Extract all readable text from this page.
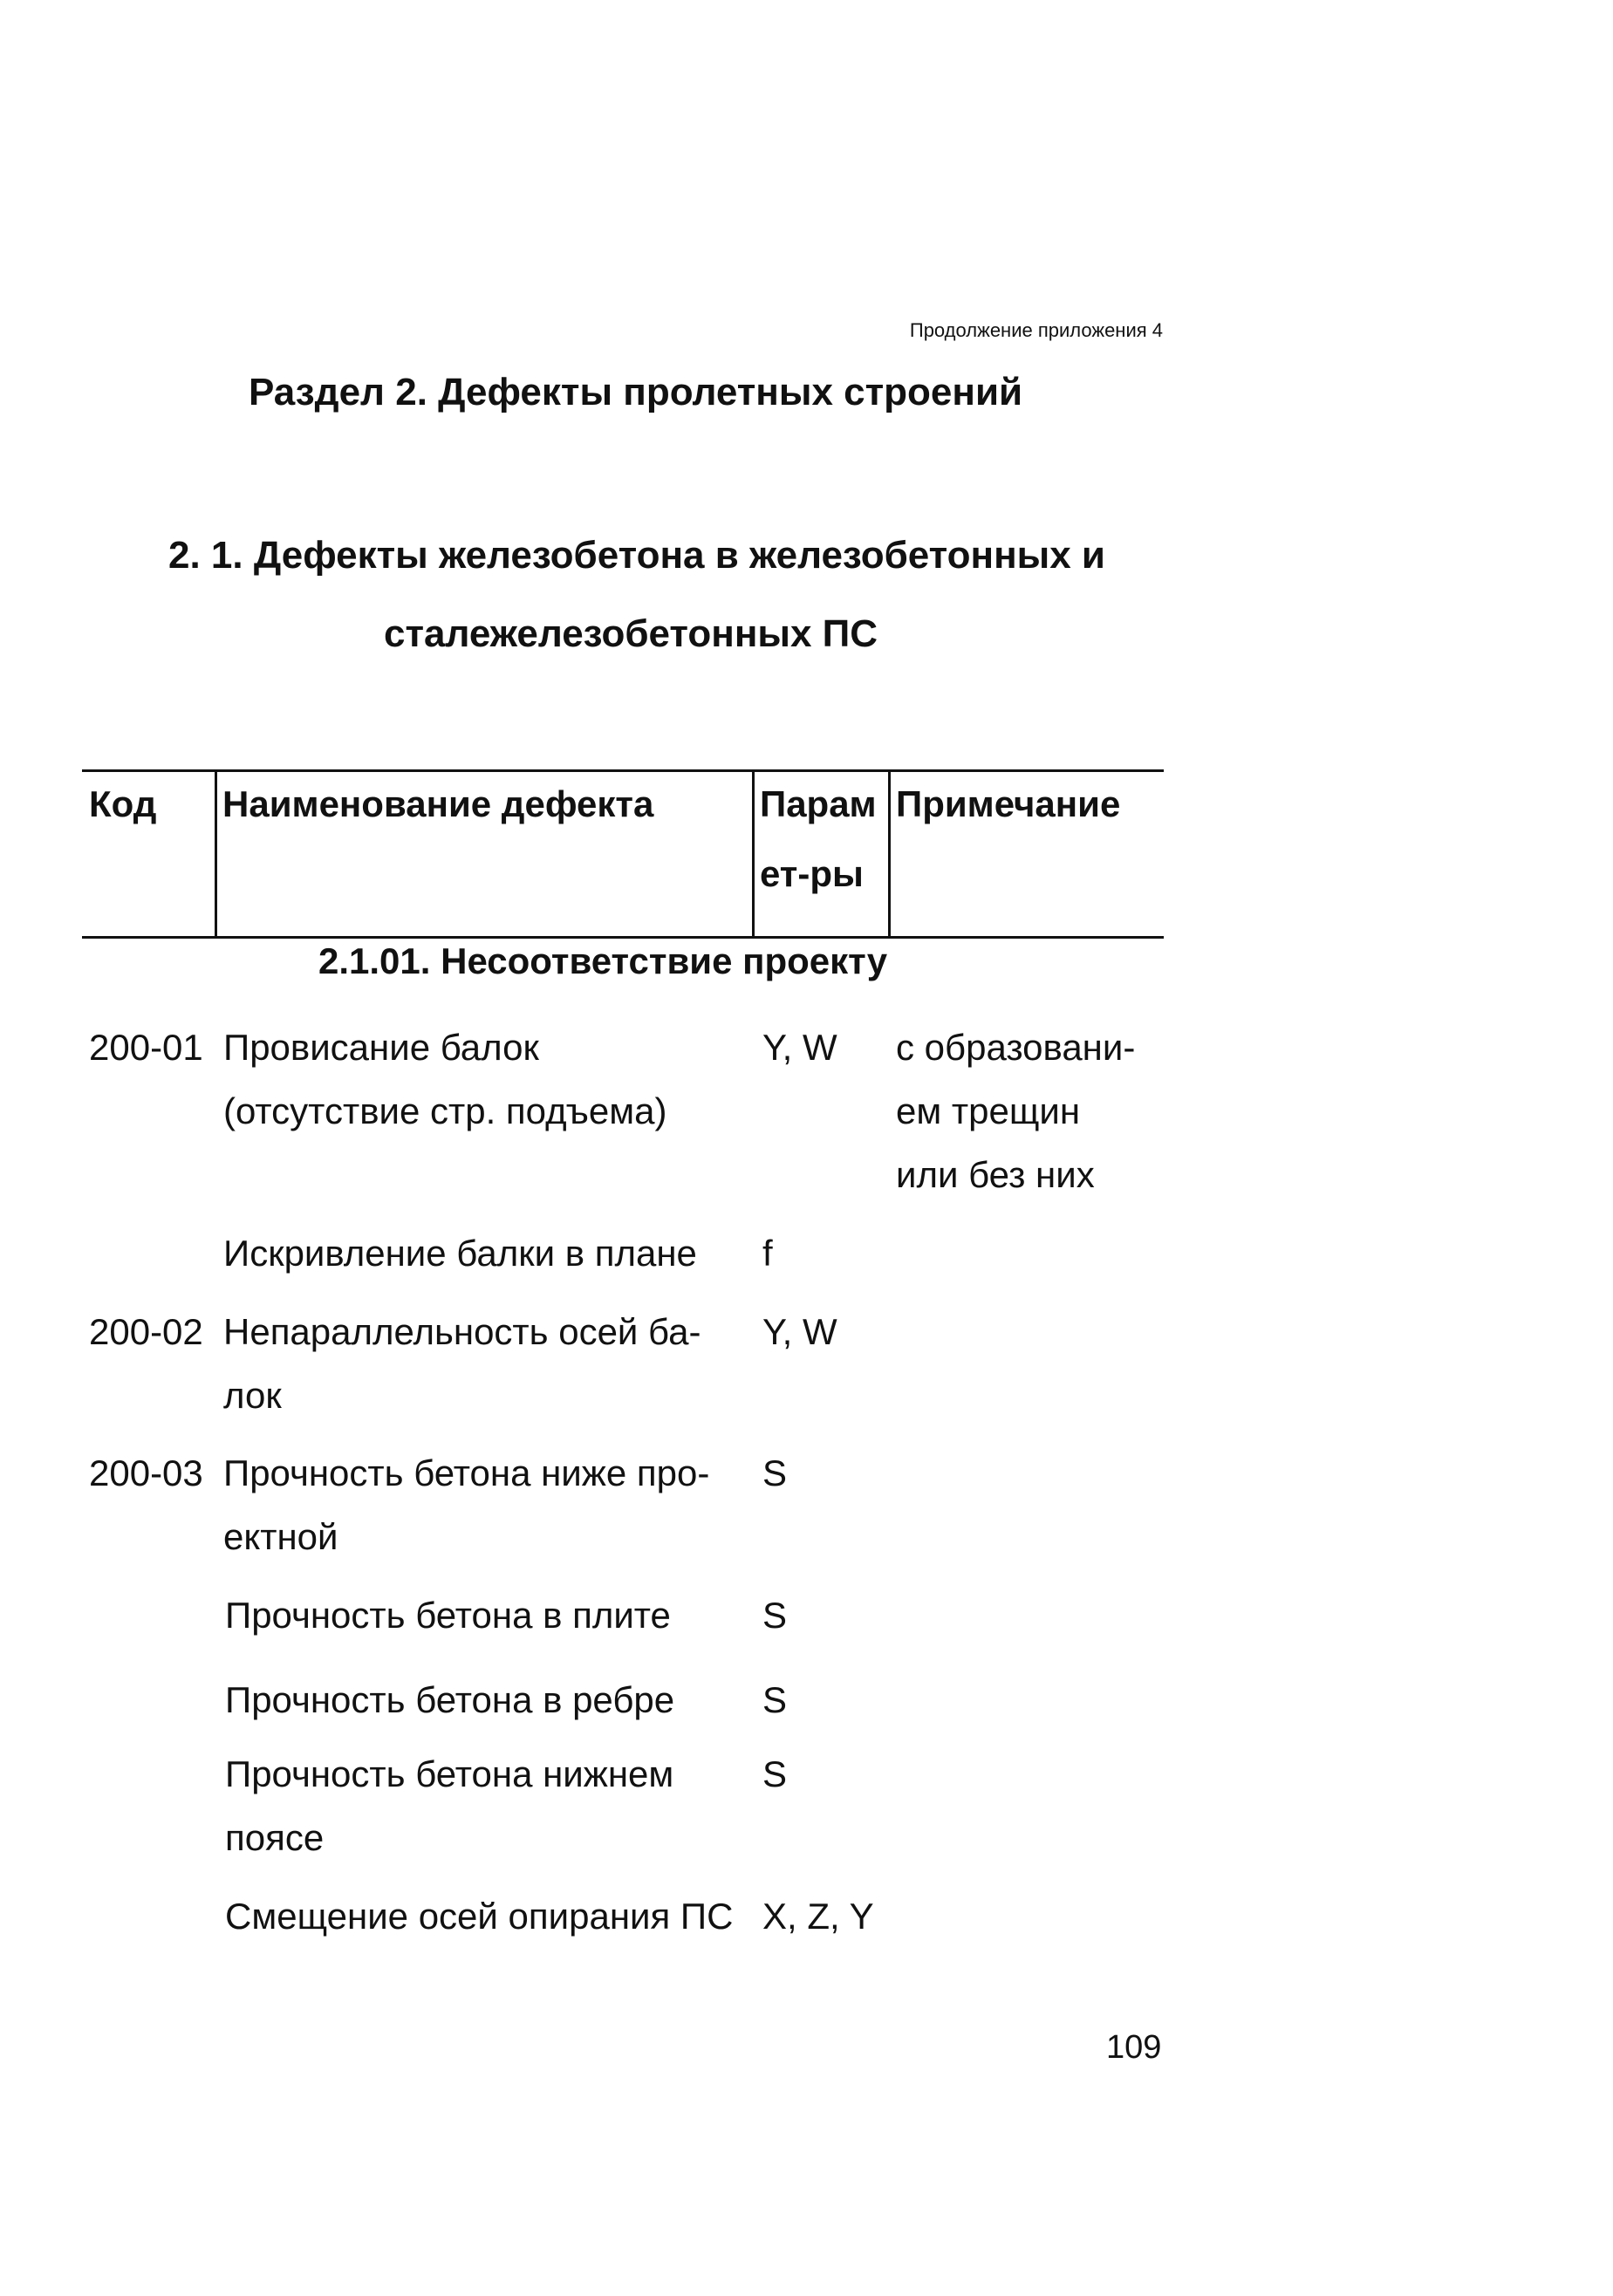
Продолжение приложения 4
Раздел 2. Дефекты пролетных строений
2. 1. Дефекты железобетона в железобетонных и
сталежелезобетонных ПС
Код Наименование дефекта	Парам
ет-ры
Примечание
2.1.01. Несоответствие проекту
200-01 Провисание балок
(отсутствие стр. подъема)
Y, W с образовани-
ем трещин
или без них
Искривление балки в плане f
200-02 Непараллельность осей ба-
лок
Y, W
200-03 Прочность бетона ниже про-
ектной
S
Прочность бетона в плите	S
Прочность бетона в ребре S
Прочность бетона нижнем
поясе
S
Смещение осей опирания ПС X, Z, Y
109
